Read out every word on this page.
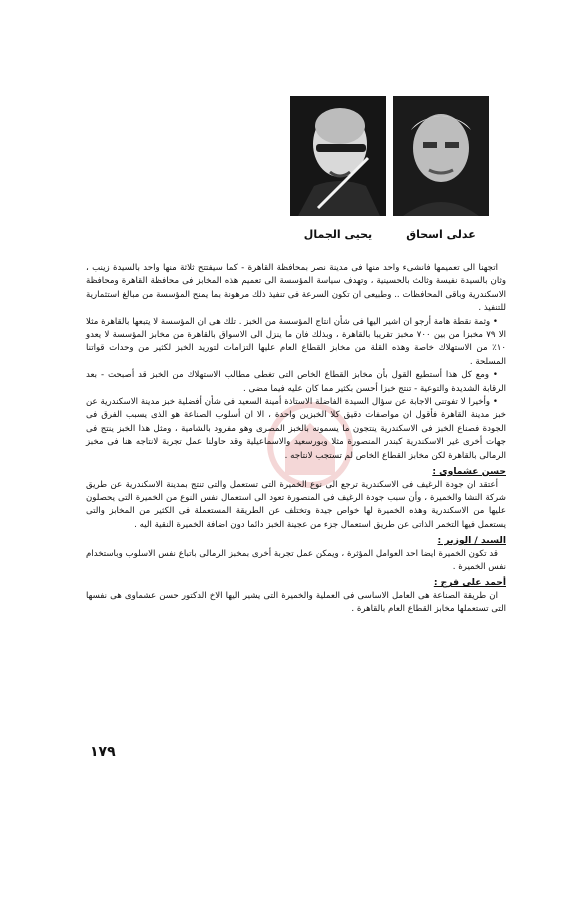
يحيى الجمال	عدلى اسحاق

اتجهنا الى تعميمها فانشىء واحد منها فى مدينة نصر بمحافظة القاهرة - كما سيفتتح ثلاثة منها واحد بالسيدة زينب ، وثان بالسيدة نفيسة وثالث بالحسينية ، وتهدف سياسة المؤسسة الى تعميم هذه المخابز فى محافظة القاهرة ومحافظة الاسكندرية وباقى المحافظات .. وطبيعى ان تكون السرعة فى تنفيذ ذلك مرهونة بما يمنح المؤسسة من مبالغ استثمارية للتنفيذ .

• وثمة نقطة هامة أرجو ان اشير اليها فى شأن انتاج المؤسسة من الخبز . تلك هى ان المؤسسة لا يتبعها بالقاهرة مثلا الا ٧٩ مخبزا من بين ٧٠٠ مخبز تقريبا بالقاهرة ، وبذلك فان ما ينزل الى الاسواق بالقاهرة من مخابز المؤسسة لا يعدو ١٠٪ من الاستهلاك خاصة وهذه القلة من مخابز القطاع العام عليها التزامات لتوريد الخبز لكثير من وحدات قواتنا المسلحة .

• ومع كل هذا أستطيع القول بأن مخابز القطاع الخاص التى تغطى مطالب الاستهلاك من الخبز قد أصبحت - بعد الرقابة الشديدة والتوعية - تنتج خبزا أحسن بكثير مما كان عليه فيما مضى .

• وأخيرا لا تفوتنى الاجابة عن سؤال السيدة الفاضلة الاستاذة أمينة السعيد فى شأن أفضلية خبز مدينة الاسكندرية عن خبز مدينة القاهرة فأقول ان مواصفات دقيق كلا الخبزين واحدة ، الا ان أسلوب الصناعة هو الذى يسبب الفرق فى الجودة فصناع الخبز فى الاسكندرية ينتجون ما يسمونه بالخبز المصرى وهو مفرود بالشامية ، ومثل هذا الخبز ينتج فى جهات أخرى غير الاسكندرية كبندر المنصورة مثلا وبورسعيد والاسماعيلية وقد حاولنا عمل تجربة لانتاجه هنا فى مخبز الرمالى بالقاهرة لكن مخابز القطاع الخاص لم تستجب لانتاجه .

حسن عشماوى :

أعتقد ان جودة الرغيف فى الاسكندرية ترجع الى نوع الخميرة التى تستعمل والتى تنتج بمدينة الاسكندرية عن طريق شركة النشا والخميرة ، وأن سبب جودة الرغيف فى المنصورة تعود الى استعمال نفس النوع من الخميرة التى يحصلون عليها من الاسكندرية وهذه الخميرة لها خواص جيدة وتختلف عن الطريقة المستعملة فى الكثير من المخابز والتى يستعمل فيها التخمر الذاتى عن طريق استعمال جزء من عجينة الخبز دائما دون اضافة الخميرة النقية اليه .

السيد / الوزير :

قد تكون الخميرة ايضا احد العوامل المؤثرة ، ويمكن عمل تجربة أخرى بمخبز الرمالى باتباع نفس الاسلوب وباستخدام نفس الخميرة .

أحمد على فرج :

ان طريقة الصناعة هى العامل الاساسى فى العملية والخميرة التى يشير اليها الاخ الدكتور حسن عشماوى هى نفسها التى تستعملها مخابز القطاع العام بالقاهرة .

١٧٩
